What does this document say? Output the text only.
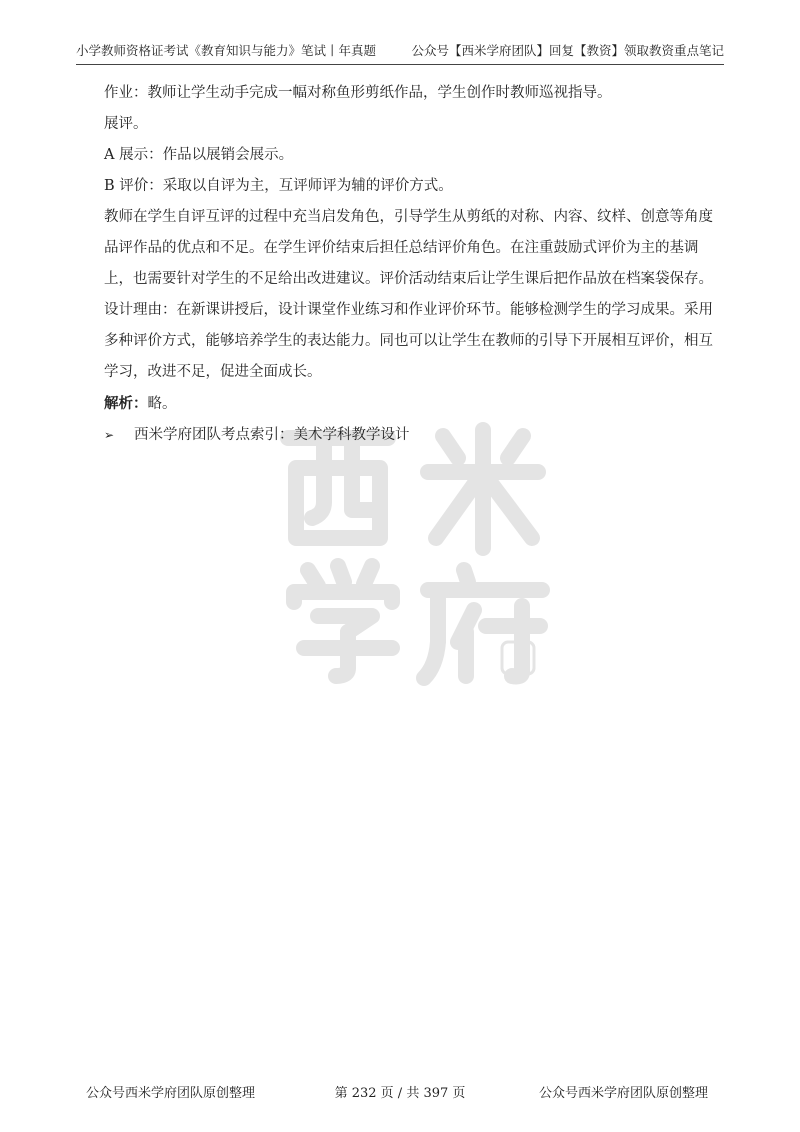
小学教师资格证考试《教育知识与能力》笔试丨年真题	公众号【西米学府团队】回复【教资】领取教资重点笔记

作业：教师让学生动手完成一幅对称鱼形剪纸作品，学生创作时教师巡视指导。

展评。

A 展示：作品以展销会展示。

B 评价：采取以自评为主，互评师评为辅的评价方式。

教师在学生自评互评的过程中充当启发角色，引导学生从剪纸的对称、内容、纹样、创意等角度品评作品的优点和不足。在学生评价结束后担任总结评价角色。在注重鼓励式评价为主的基调上，也需要针对学生的不足给出改进建议。评价活动结束后让学生课后把作品放在档案袋保存。

设计理由：在新课讲授后，设计课堂作业练习和作业评价环节。能够检测学生的学习成果。采用多种评价方式，能够培养学生的表达能力。同也可以让学生在教师的引导下开展相互评价，相互学习，改进不足，促进全面成长。

解析：略。

➢ 西米学府团队考点索引：美术学科教学设计

公众号西米学府团队原创整理	第 232 页 / 共 397 页	公众号西米学府团队原创整理
